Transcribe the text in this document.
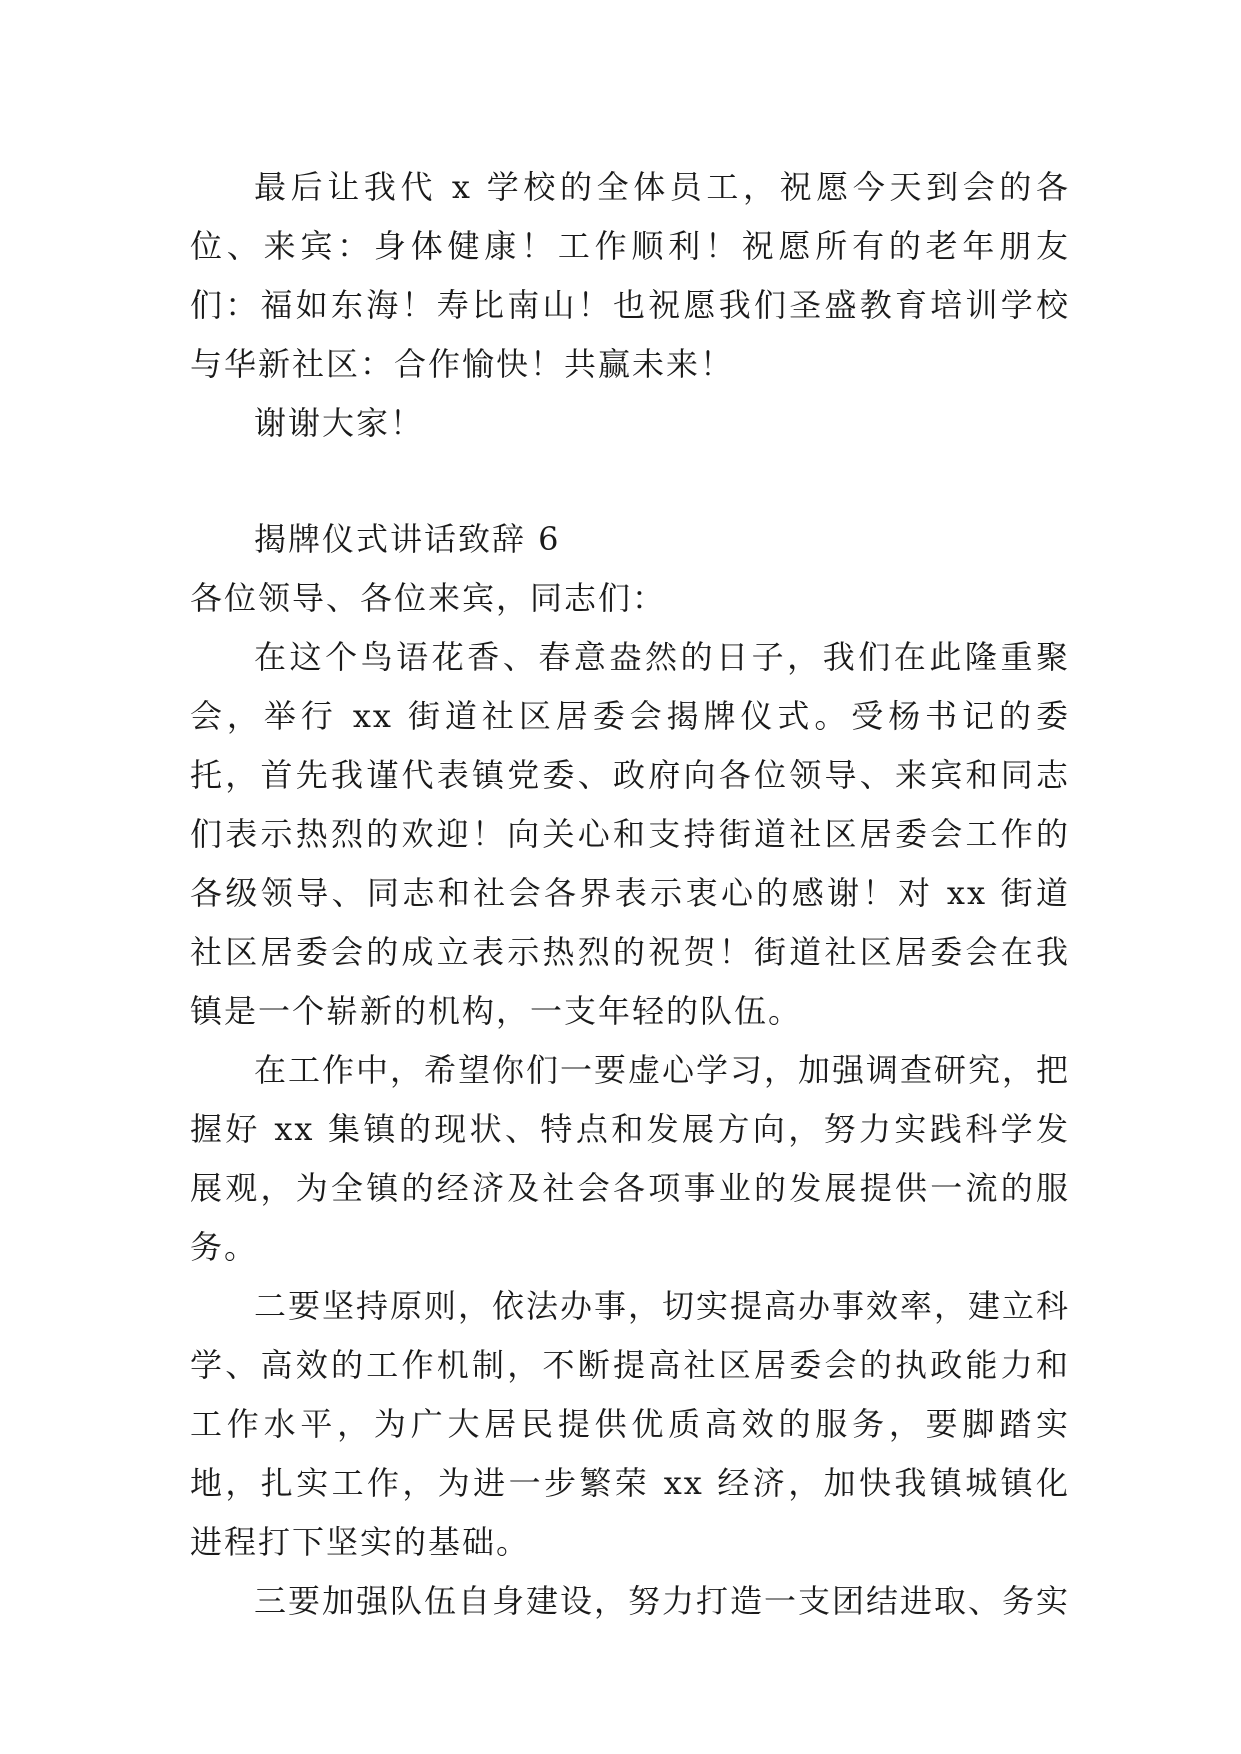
最后让我代 x 学校的全体员工，祝愿今天到会的各位、来宾：身体健康！工作顺利！祝愿所有的老年朋友们：福如东海！寿比南山！也祝愿我们圣盛教育培训学校与华新社区：合作愉快！共赢未来！

谢谢大家！

揭牌仪式讲话致辞 6

各位领导、各位来宾，同志们：

在这个鸟语花香、春意盎然的日子，我们在此隆重聚会，举行 xx 街道社区居委会揭牌仪式。受杨书记的委托，首先我谨代表镇党委、政府向各位领导、来宾和同志们表示热烈的欢迎！向关心和支持街道社区居委会工作的各级领导、同志和社会各界表示衷心的感谢！对 xx 街道社区居委会的成立表示热烈的祝贺！街道社区居委会在我镇是一个崭新的机构，一支年轻的队伍。

在工作中，希望你们一要虚心学习，加强调查研究，把握好 xx 集镇的现状、特点和发展方向，努力实践科学发展观，为全镇的经济及社会各项事业的发展提供一流的服务。

二要坚持原则，依法办事，切实提高办事效率，建立科学、高效的工作机制，不断提高社区居委会的执政能力和工作水平，为广大居民提供优质高效的服务，要脚踏实地，扎实工作，为进一步繁荣 xx 经济，加快我镇城镇化进程打下坚实的基础。

三要加强队伍自身建设，努力打造一支团结进取、务实
